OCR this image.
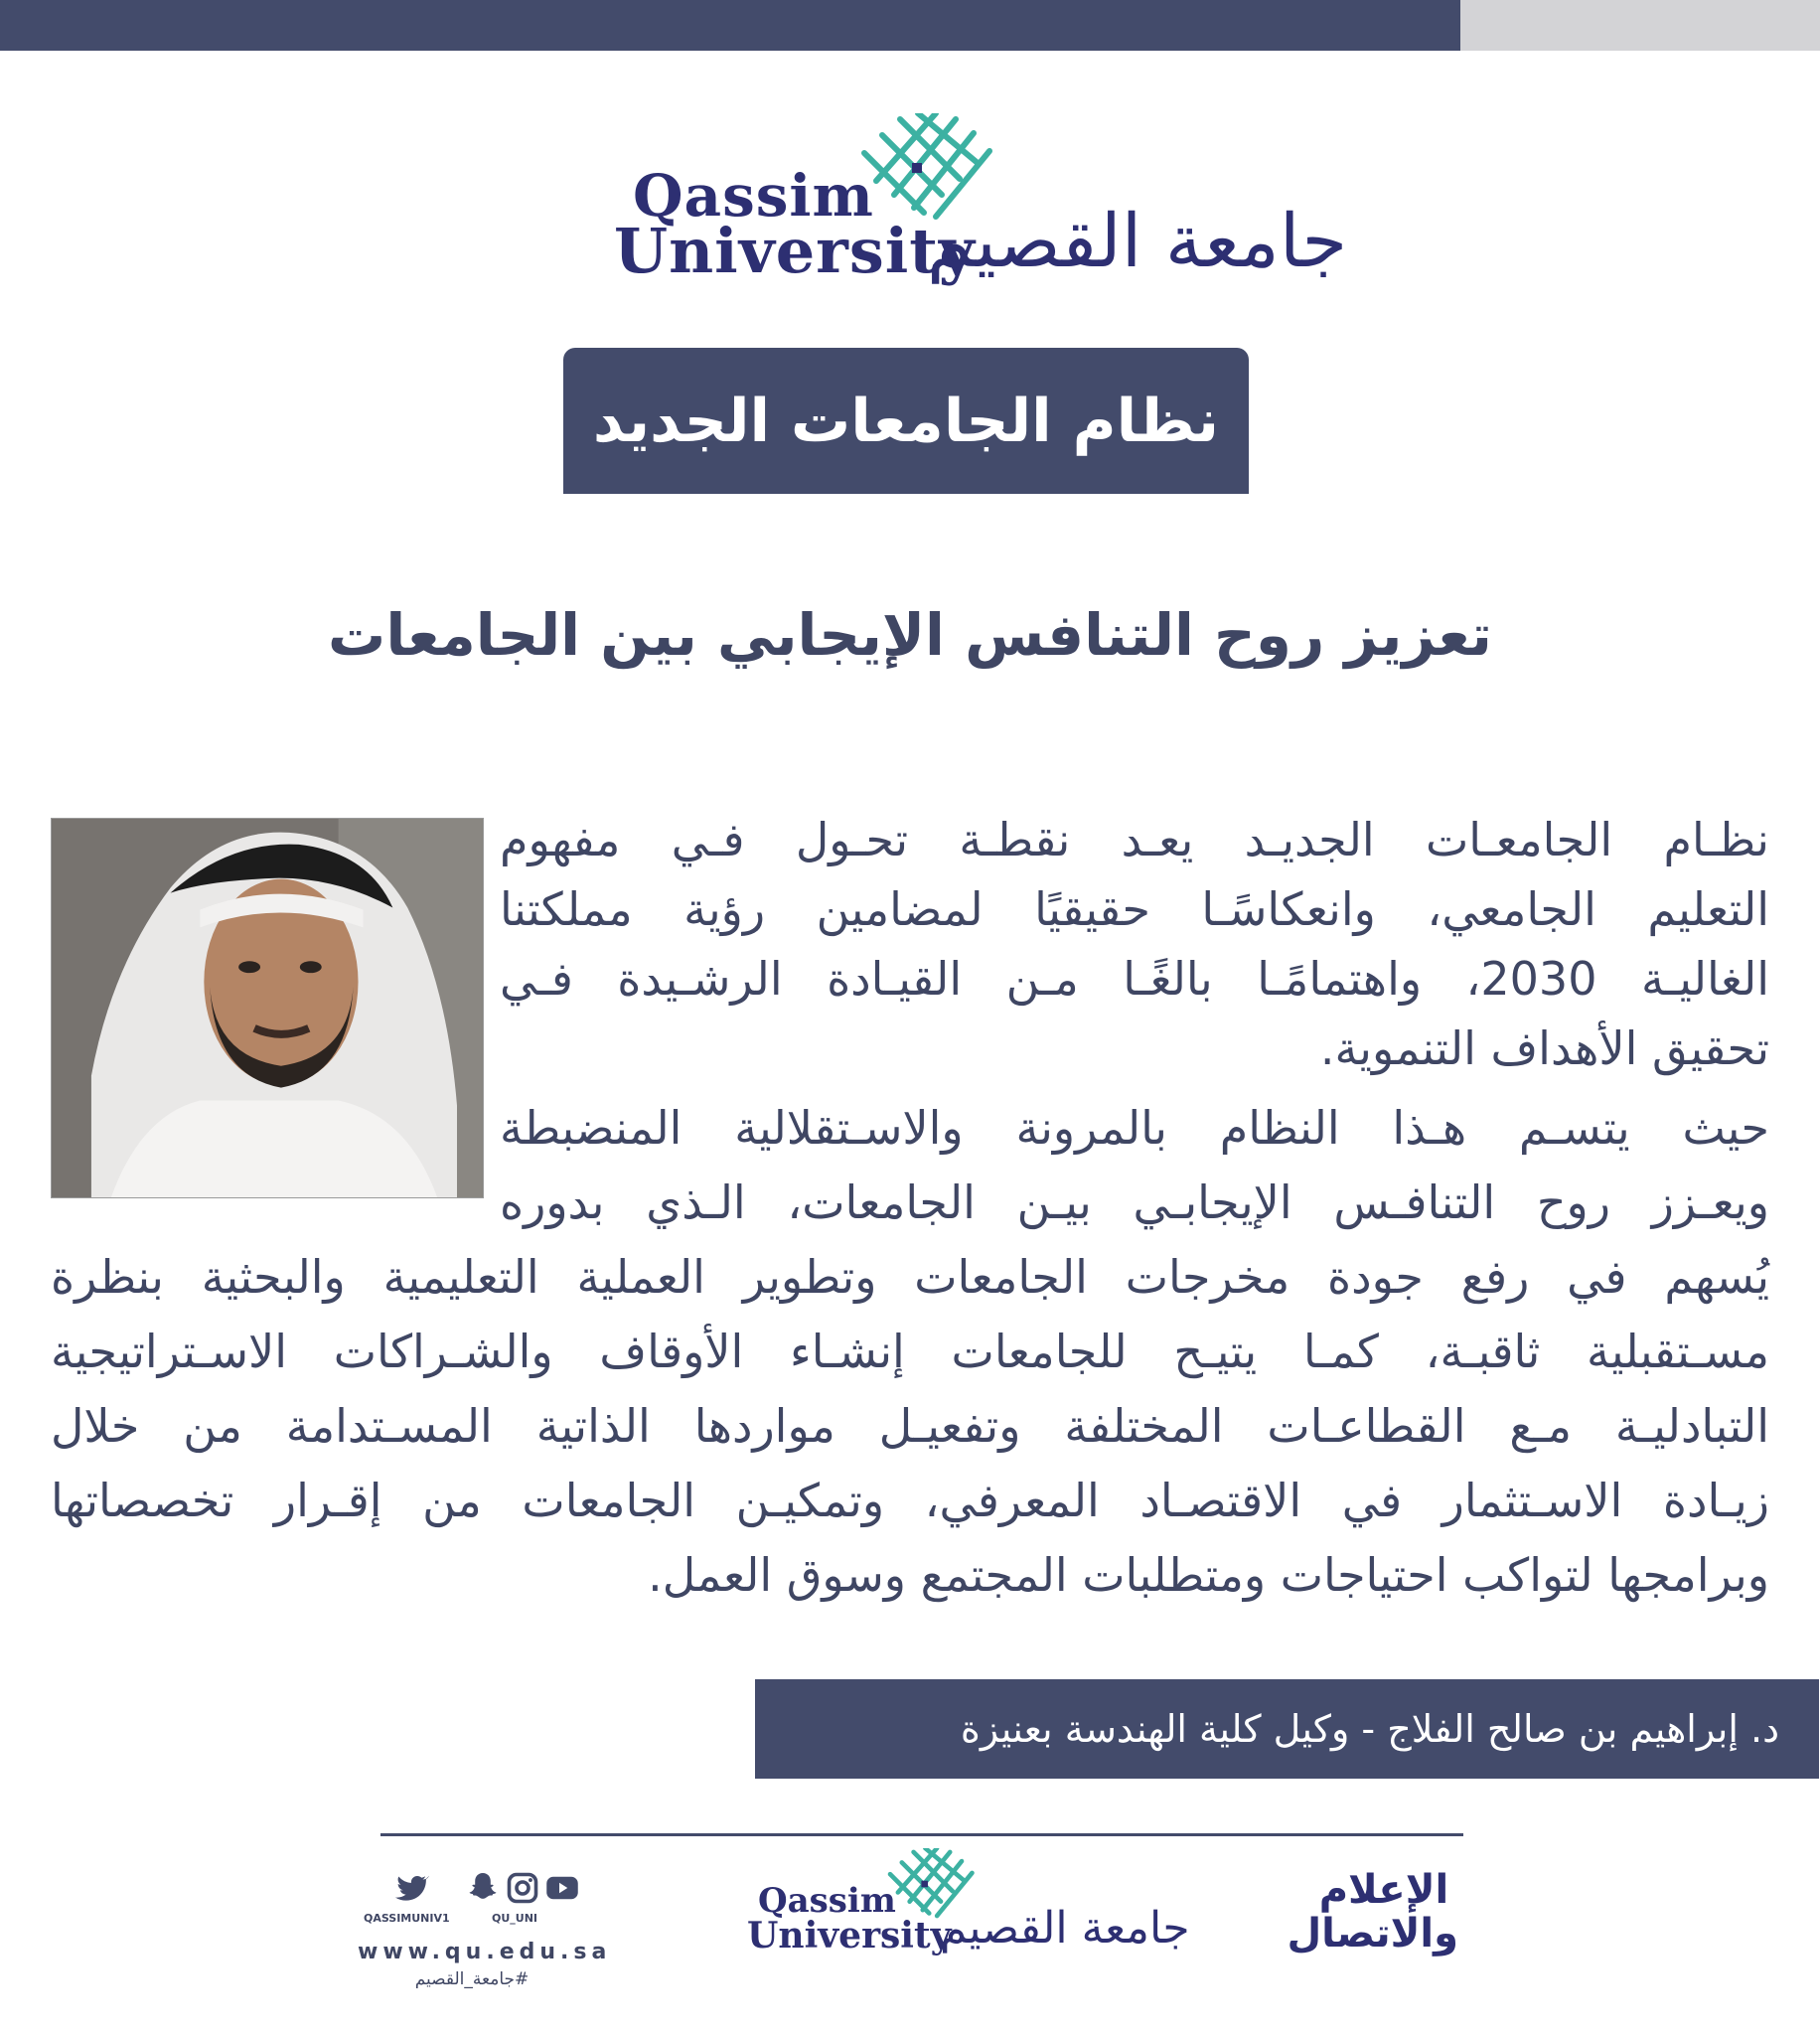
Qassim
University
جامعة القصيم
نظام الجامعات الجديد
تعزيز روح التنافس الإيجابي بين الجامعات
نظـام الجامعـات الجديـد يعـد نقطـة تحـول فـي مفهوم
التعليم الجامعي، وانعكاسًـا حقيقيًا لمضامين رؤية مملكتنا
الغاليـة 2030، واهتمامًـا بالغًـا مـن القيـادة الرشـيدة فـي
تحقيق الأهداف التنموية.
حيث يتسـم هـذا النظام بالمرونة والاسـتقلالية المنضبطة
ويعـزز روح التنافـس الإيجابـي بيـن الجامعات، الـذي بدوره
يُسهم في رفع جودة مخرجات الجامعات وتطوير العملية التعليمية والبحثية بنظرة
مسـتقبلية ثاقبـة، كمـا يتيـح للجامعات إنشـاء الأوقاف والشـراكات الاسـتراتيجية
التبادليـة مـع القطاعـات المختلفة وتفعيـل مواردها الذاتية المسـتدامة من خلال
زيـادة الاسـتثمار في الاقتصـاد المعرفي، وتمكيـن الجامعات من إقـرار تخصصاتها
وبرامجها لتواكب احتياجات ومتطلبات المجتمع وسوق العمل.
د. إبراهيم بن صالح الفلاج - وكيل كلية الهندسة بعنيزة
QASSIMUNIV1	QU_UNI
www.qu.edu.sa
#جامعة_القصيم
Qassim
University
جامعة القصيم
الإعلام
والاتصال
